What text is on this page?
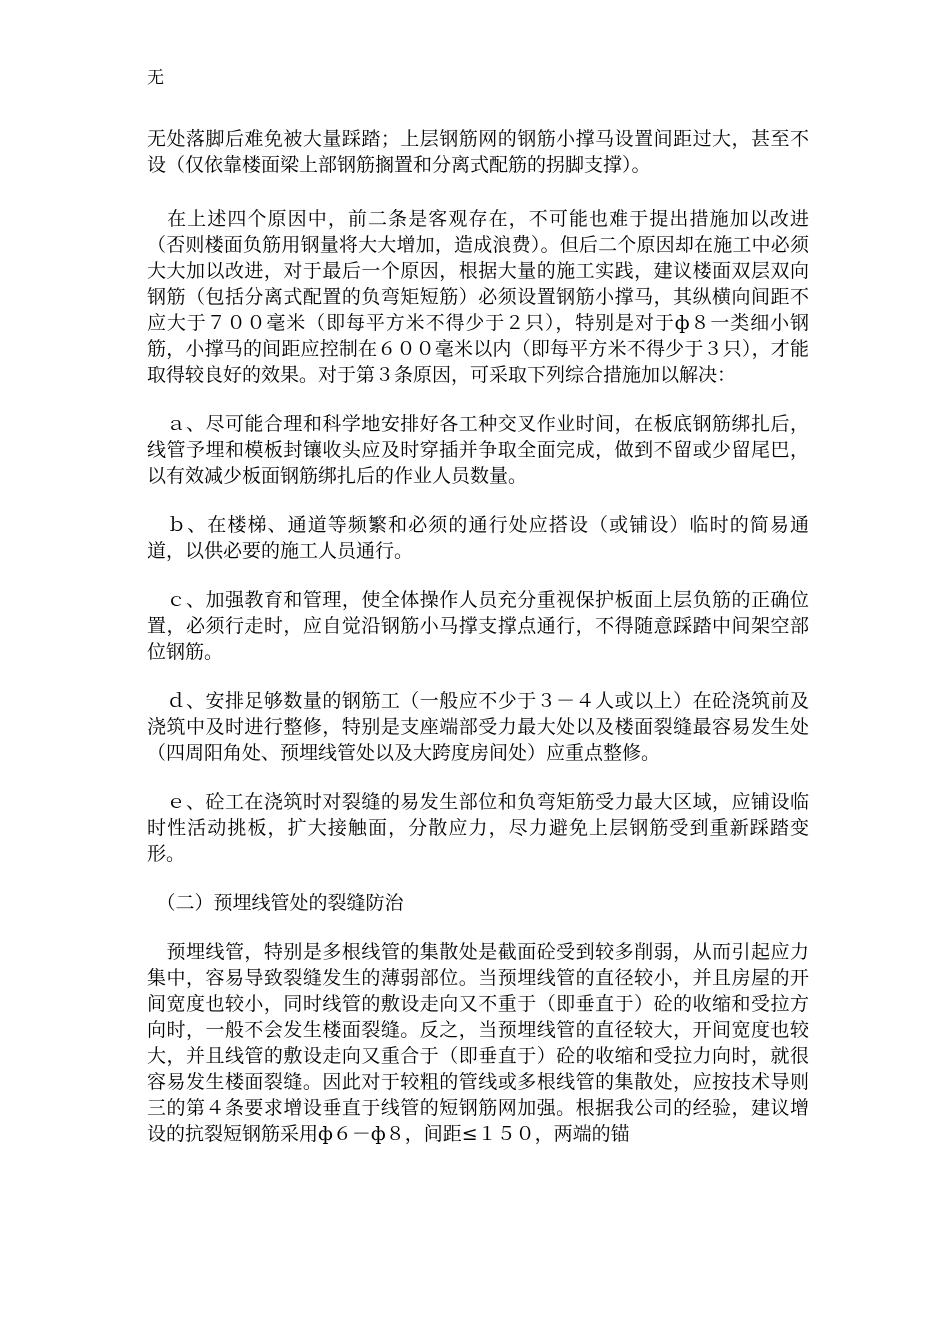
无

无处落脚后难免被大量踩踏；上层钢筋网的钢筋小撑马设置间距过大，甚至不设（仅依靠楼面梁上部钢筋搁置和分离式配筋的拐脚支撑）。

　在上述四个原因中，前二条是客观存在，不可能也难于提出措施加以改进（否则楼面负筋用钢量将大大增加，造成浪费）。但后二个原因却在施工中必须大大加以改进，对于最后一个原因，根据大量的施工实践，建议楼面双层双向钢筋（包括分离式配置的负弯矩短筋）必须设置钢筋小撑马，其纵横向间距不应大于７００毫米（即每平方米不得少于２只），特别是对于ф８一类细小钢筋，小撑马的间距应控制在６００毫米以内（即每平方米不得少于３只），才能取得较良好的效果。对于第３条原因，可采取下列综合措施加以解决：

　ａ、尽可能合理和科学地安排好各工种交叉作业时间，在板底钢筋绑扎后，线管予埋和模板封镶收头应及时穿插并争取全面完成，做到不留或少留尾巴，以有效减少板面钢筋绑扎后的作业人员数量。

　ｂ、在楼梯、通道等频繁和必须的通行处应搭设（或铺设）临时的简易通道，以供必要的施工人员通行。

　ｃ、加强教育和管理，使全体操作人员充分重视保护板面上层负筋的正确位置，必须行走时，应自觉沿钢筋小马撑支撑点通行，不得随意踩踏中间架空部位钢筋。

　ｄ、安排足够数量的钢筋工（一般应不少于３－４人或以上）在砼浇筑前及浇筑中及时进行整修，特别是支座端部受力最大处以及楼面裂缝最容易发生处（四周阳角处、预埋线管处以及大跨度房间处）应重点整修。

　ｅ、砼工在浇筑时对裂缝的易发生部位和负弯矩筋受力最大区域，应铺设临时性活动挑板，扩大接触面，分散应力，尽力避免上层钢筋受到重新踩踏变形。

　（二）预埋线管处的裂缝防治

　预埋线管，特别是多根线管的集散处是截面砼受到较多削弱，从而引起应力集中，容易导致裂缝发生的薄弱部位。当预埋线管的直径较小，并且房屋的开间宽度也较小，同时线管的敷设走向又不重于（即垂直于）砼的收缩和受拉方向时，一般不会发生楼面裂缝。反之，当预埋线管的直径较大，开间宽度也较大，并且线管的敷设走向又重合于（即垂直于）砼的收缩和受拉力向时，就很容易发生楼面裂缝。因此对于较粗的管线或多根线管的集散处，应按技术导则三的第４条要求增设垂直于线管的短钢筋网加强。根据我公司的经验，建议增设的抗裂短钢筋采用ф６－ф８，间距≤１５０，两端的锚
